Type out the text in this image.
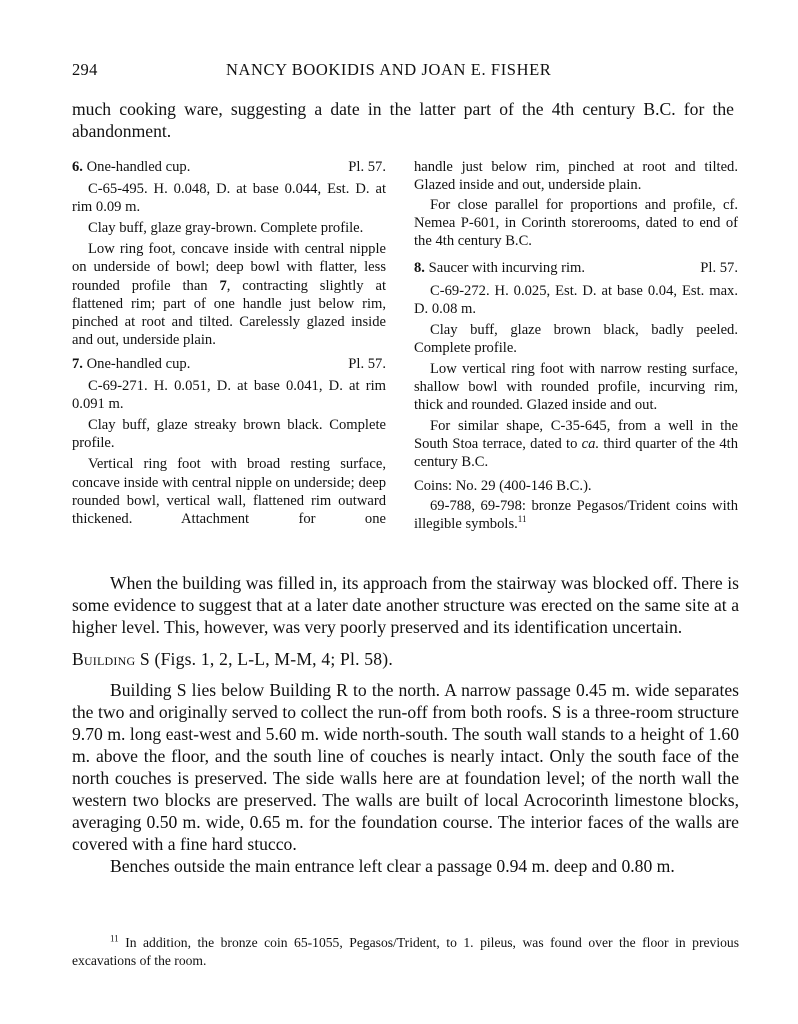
294	NANCY BOOKIDIS AND JOAN E. FISHER
much cooking ware, suggesting a date in the latter part of the 4th century B.C. for the abandonment.
6. One-handled cup.	Pl. 57.

C-65-495. H. 0.048, D. at base 0.044, Est. D. at rim 0.09 m.

Clay buff, glaze gray-brown. Complete profile.

Low ring foot, concave inside with central nipple on underside of bowl; deep bowl with flatter, less rounded profile than 7, contracting slightly at flattened rim; part of one handle just below rim, pinched at root and tilted. Carelessly glazed inside and out, underside plain.

7. One-handled cup.	Pl. 57.

C-69-271. H. 0.051, D. at base 0.041, D. at rim 0.091 m.

Clay buff, glaze streaky brown black. Complete profile.

Vertical ring foot with broad resting surface, concave inside with central nipple on underside; deep rounded bowl, vertical wall, flattened rim outward thickened. Attachment for one

handle just below rim, pinched at root and tilted. Glazed inside and out, underside plain.

For close parallel for proportions and profile, cf. Nemea P-601, in Corinth storerooms, dated to end of the 4th century B.C.

8. Saucer with incurving rim.	Pl. 57.

C-69-272. H. 0.025, Est. D. at base 0.04, Est. max. D. 0.08 m.

Clay buff, glaze brown black, badly peeled. Complete profile.

Low vertical ring foot with narrow resting surface, shallow bowl with rounded profile, incurving rim, thick and rounded. Glazed inside and out.

For similar shape, C-35-645, from a well in the South Stoa terrace, dated to ca. third quarter of the 4th century B.C.

Coins: No. 29 (400-146 B.C.).

69-788, 69-798: bronze Pegasos/Trident coins with illegible symbols.$^{11}$

When the building was filled in, its approach from the stairway was blocked off. There is some evidence to suggest that at a later date another structure was erected on the same site at a higher level. This, however, was very poorly preserved and its identification uncertain.

Building S (Figs. 1, 2, L-L, M-M, 4; Pl. 58).

Building S lies below Building R to the north. A narrow passage 0.45 m. wide separates the two and originally served to collect the run-off from both roofs. S is a three-room structure 9.70 m. long east-west and 5.60 m. wide north-south. The south wall stands to a height of 1.60 m. above the floor, and the south line of couches is nearly intact. Only the south face of the north couches is preserved. The side walls here are at foundation level; of the north wall the western two blocks are preserved. The walls are built of local Acrocorinth limestone blocks, averaging 0.50 m. wide, 0.65 m. for the foundation course. The interior faces of the walls are covered with a fine hard stucco.

Benches outside the main entrance left clear a passage 0.94 m. deep and 0.80 m.

$^{11}$ In addition, the bronze coin 65-1055, Pegasos/Trident, to 1. pileus, was found over the floor in previous excavations of the room.
